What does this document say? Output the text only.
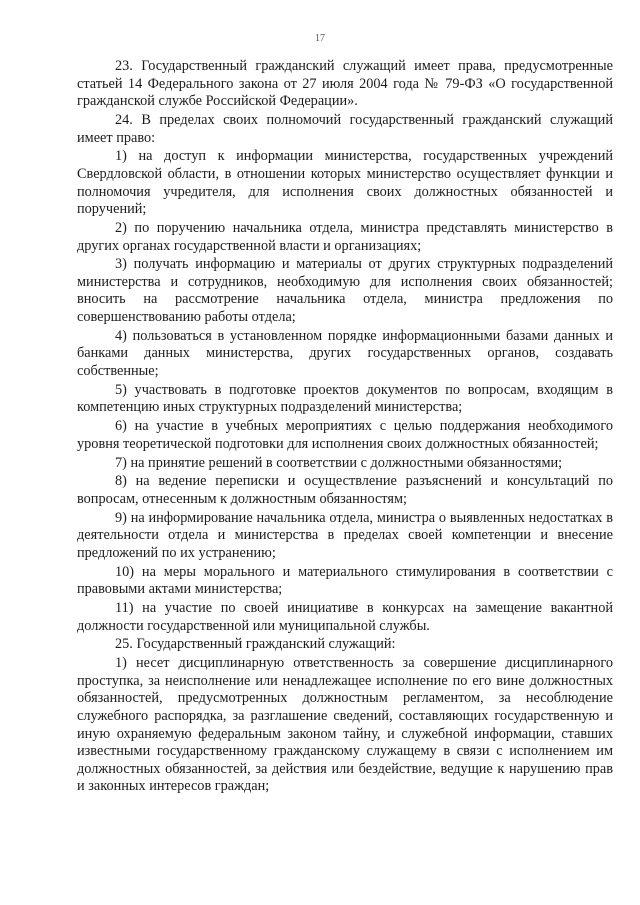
17

23. Государственный гражданский служащий имеет права, предусмотренные статьей 14 Федерального закона от 27 июля 2004 года № 79-ФЗ «О государственной гражданской службе Российской Федерации».

24. В пределах своих полномочий государственный гражданский служащий имеет право:

1) на доступ к информации министерства, государственных учреждений Свердловской области, в отношении которых министерство осуществляет функции и полномочия учредителя, для исполнения своих должностных обязанностей и поручений;

2) по поручению начальника отдела, министра представлять министерство в других органах государственной власти и организациях;

3) получать информацию и материалы от других структурных подразделений министерства и сотрудников, необходимую для исполнения своих обязанностей; вносить на рассмотрение начальника отдела, министра предложения по совершенствованию работы отдела;

4) пользоваться в установленном порядке информационными базами данных и банками данных министерства, других государственных органов, создавать собственные;

5) участвовать в подготовке проектов документов по вопросам, входящим в компетенцию иных структурных подразделений министерства;

6) на участие в учебных мероприятиях с целью поддержания необходимого уровня теоретической подготовки для исполнения своих должностных обязанностей;

7) на принятие решений в соответствии с должностными обязанностями;

8) на ведение переписки и осуществление разъяснений и консультаций по вопросам, отнесенным к должностным обязанностям;

9) на информирование начальника отдела, министра о выявленных недостатках в деятельности отдела и министерства в пределах своей компетенции и внесение предложений по их устранению;

10) на меры морального и материального стимулирования в соответствии с правовыми актами министерства;

11) на участие по своей инициативе в конкурсах на замещение вакантной должности государственной или муниципальной службы.

25. Государственный гражданский служащий:

1) несет дисциплинарную ответственность за совершение дисциплинарного проступка, за неисполнение или ненадлежащее исполнение по его вине должностных обязанностей, предусмотренных должностным регламентом, за несоблюдение служебного распорядка, за разглашение сведений, составляющих государственную и иную охраняемую федеральным законом тайну, и служебной информации, ставших известными государственному гражданскому служащему в связи с исполнением им должностных обязанностей, за действия или бездействие, ведущие к нарушению прав и законных интересов граждан;
